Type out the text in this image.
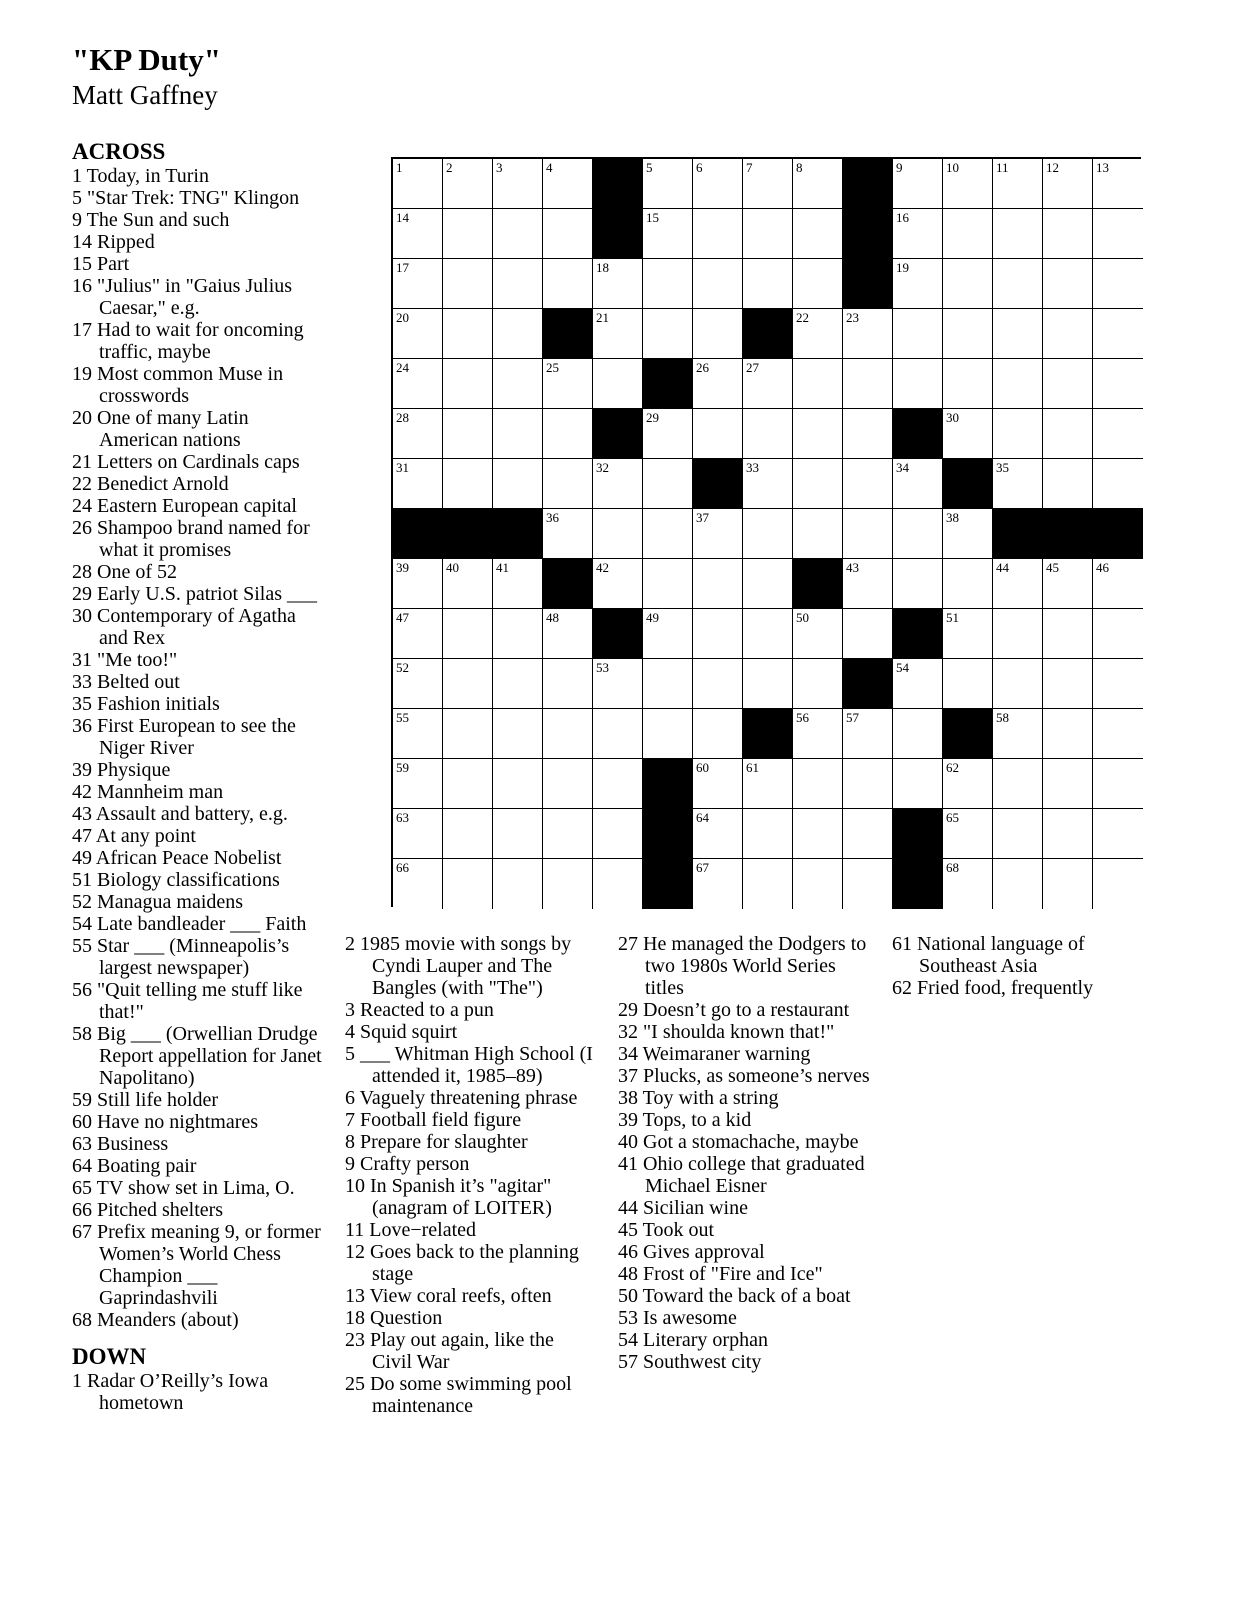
"KP Duty"
Matt Gaffney
ACROSS
1 Today, in Turin
5 "Star Trek: TNG" Klingon
9 The Sun and such
14 Ripped
15 Part
16 "Julius" in "Gaius Julius Caesar," e.g.
17 Had to wait for oncoming traffic, maybe
19 Most common Muse in crosswords
20 One of many Latin American nations
21 Letters on Cardinals caps
22 Benedict Arnold
24 Eastern European capital
26 Shampoo brand named for what it promises
28 One of 52
29 Early U.S. patriot Silas ___
30 Contemporary of Agatha and Rex
31 "Me too!"
33 Belted out
35 Fashion initials
36 First European to see the Niger River
39 Physique
42 Mannheim man
43 Assault and battery, e.g.
47 At any point
49 African Peace Nobelist
51 Biology classifications
52 Managua maidens
54 Late bandleader ___ Faith
55 Star ___ (Minneapolis’s largest newspaper)
56 "Quit telling me stuff like that!"
58 Big ___ (Orwellian Drudge Report appellation for Janet Napolitano)
59 Still life holder
60 Have no nightmares
63 Business
64 Boating pair
65 TV show set in Lima, O.
66 Pitched shelters
67 Prefix meaning 9, or former Women’s World Chess Champion ___ Gaprindashvili
68 Meanders (about)
DOWN
1 Radar O’Reilly’s Iowa hometown
2 1985 movie with songs by Cyndi Lauper and The Bangles (with "The")
3 Reacted to a pun
4 Squid squirt
5 ___ Whitman High School (I attended it, 1985–89)
6 Vaguely threatening phrase
7 Football field figure
8 Prepare for slaughter
9 Crafty person
10 In Spanish it’s "agitar" (anagram of LOITER)
11 Love−related
12 Goes back to the planning stage
13 View coral reefs, often
18 Question
23 Play out again, like the Civil War
25 Do some swimming pool maintenance
27 He managed the Dodgers to two 1980s World Series titles
29 Doesn’t go to a restaurant
32 "I shoulda known that!"
34 Weimaraner warning
37 Plucks, as someone’s nerves
38 Toy with a string
39 Tops, to a kid
40 Got a stomachache, maybe
41 Ohio college that graduated Michael Eisner
44 Sicilian wine
45 Took out
46 Gives approval
48 Frost of "Fire and Ice"
50 Toward the back of a boat
53 Is awesome
54 Literary orphan
57 Southwest city
61 National language of Southeast Asia
62 Fried food, frequently
1	2	3	4	5	6	7	8	9	10	11	12	13
14	15	16
17	18	19
20	21	22	23
24	25	26	27
28	29	30
31	32	33	34	35
36	37	38
39	40	41	42	43	44	45	46
47	48	49	50	51
52	53	54
55	56	57	58
59	60	61	62
63	64	65
66	67	68
